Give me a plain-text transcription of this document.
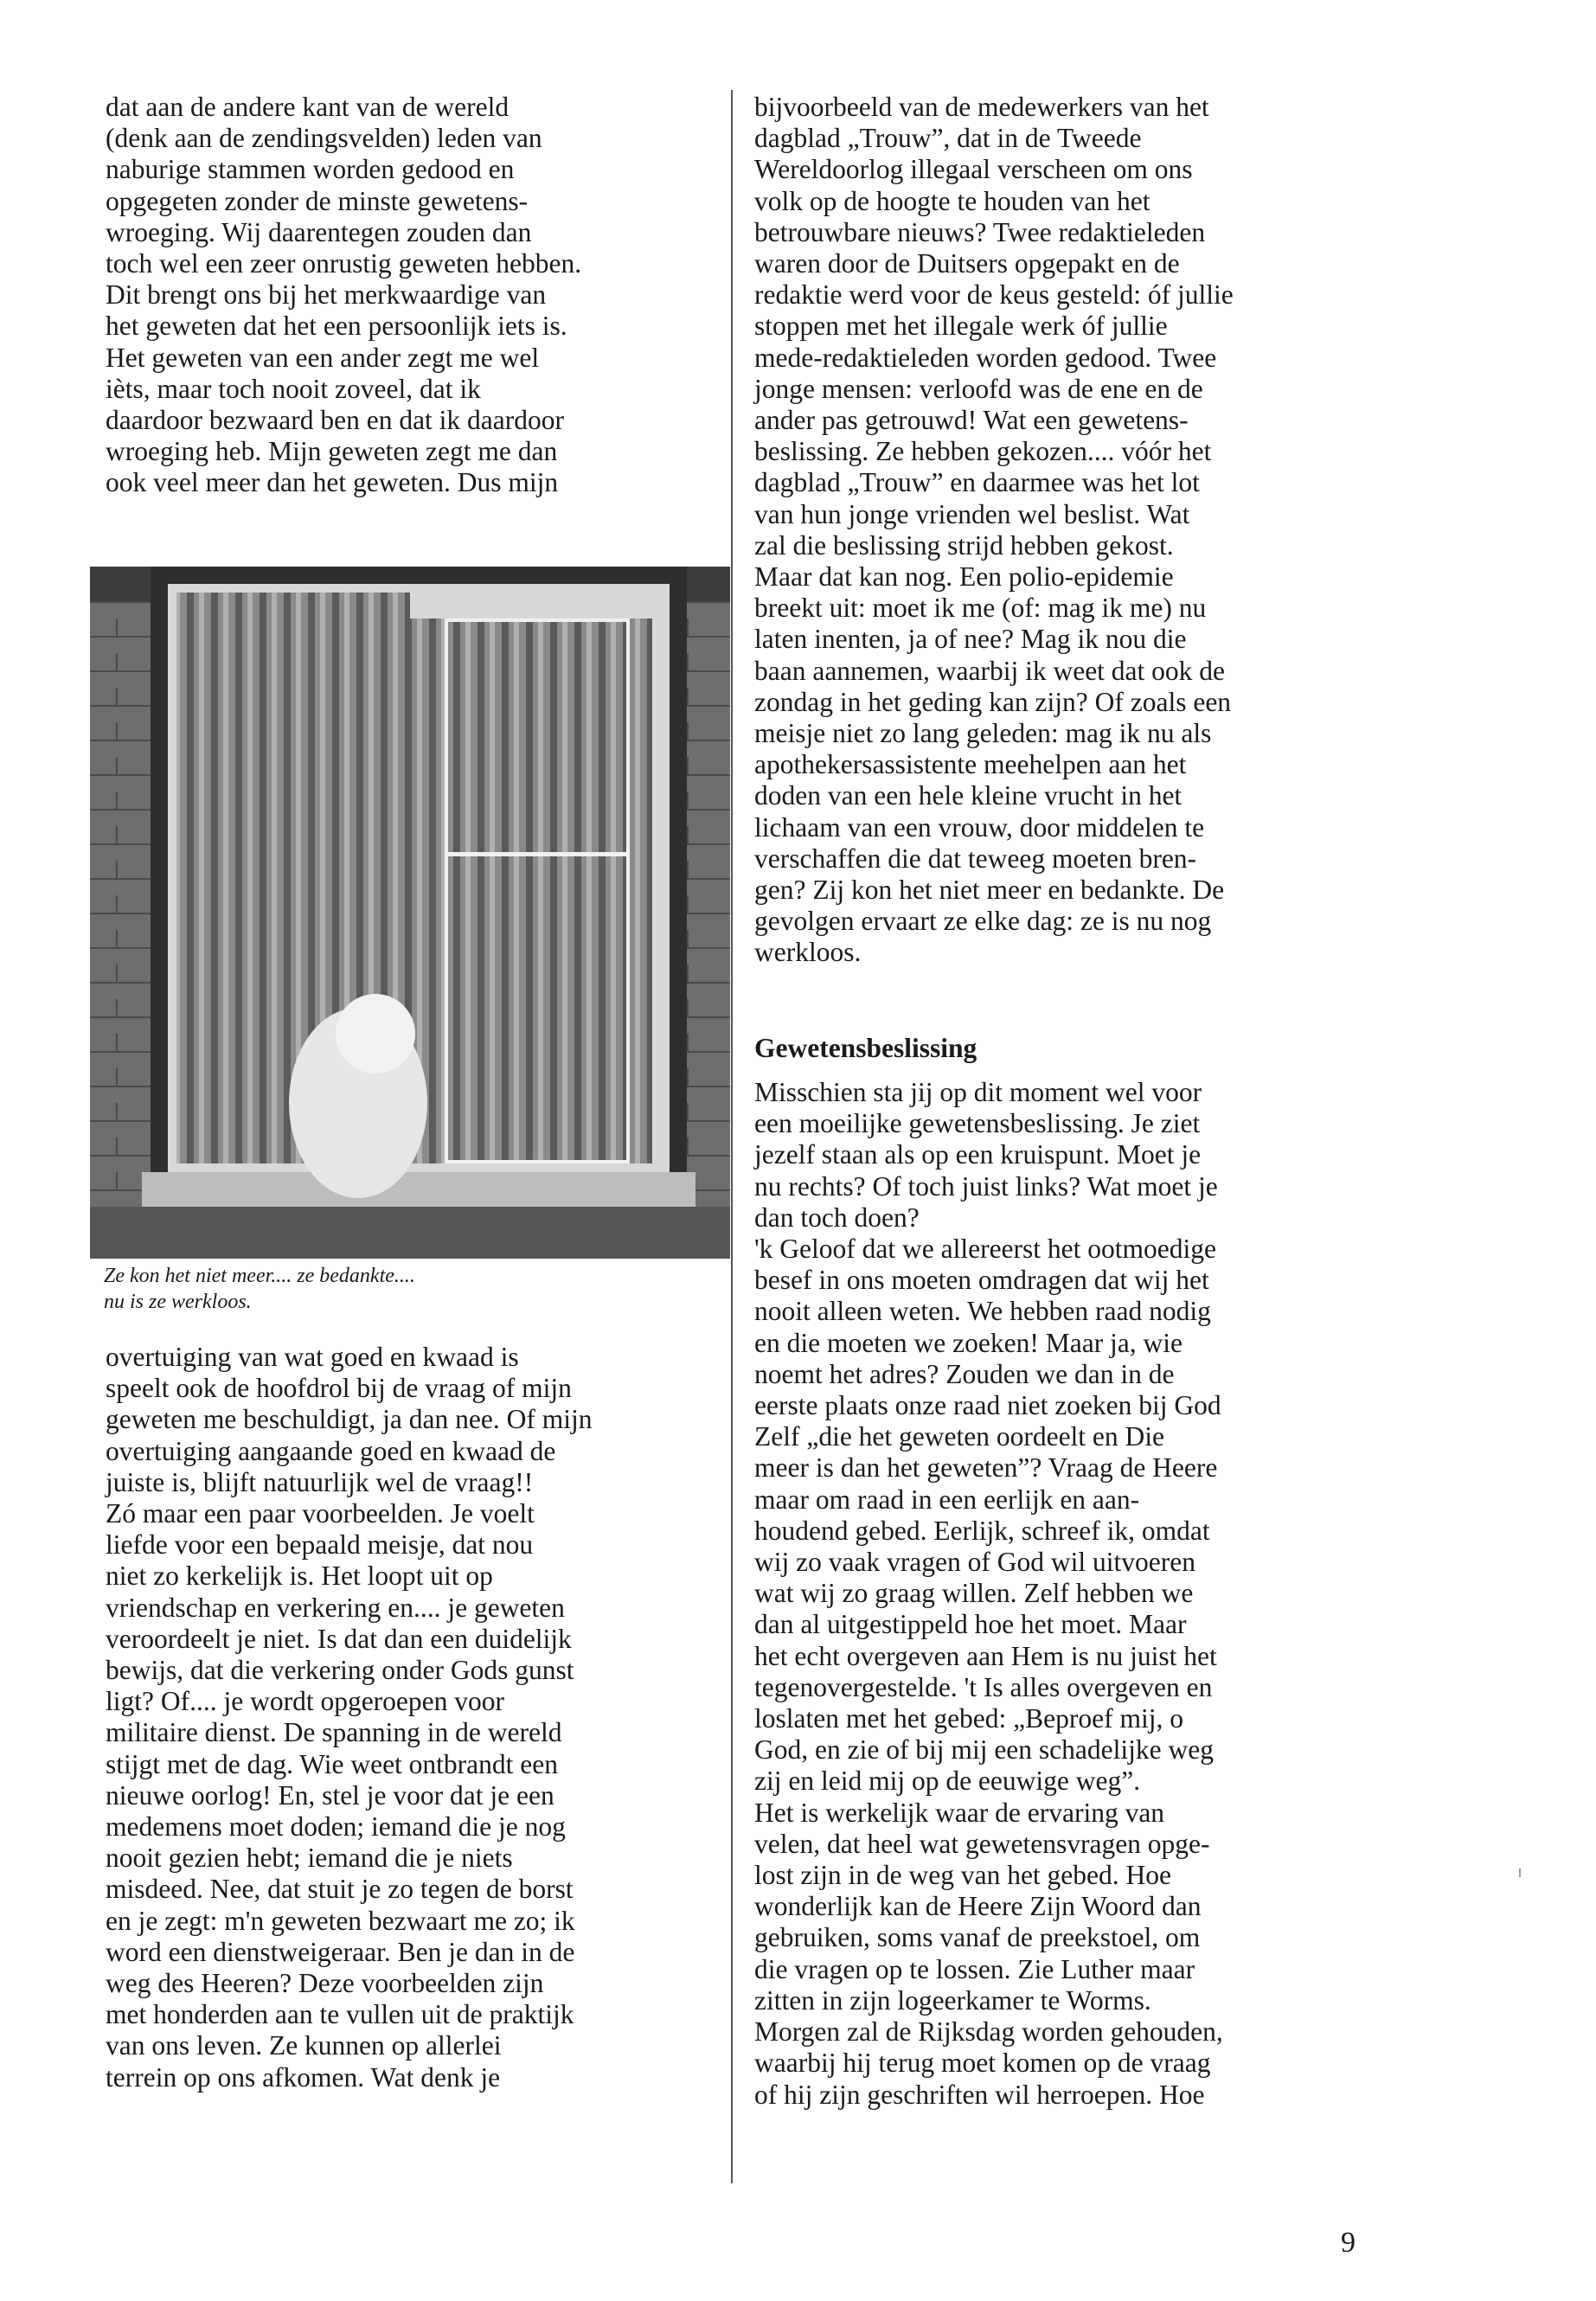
dat aan de andere kant van de wereld
(denk aan de zendingsvelden) leden van
naburige stammen worden gedood en
opgegeten zonder de minste gewetens-
wroeging. Wij daarentegen zouden dan
toch wel een zeer onrustig geweten hebben.
Dit brengt ons bij het merkwaardige van
het geweten dat het een persoonlijk iets is.
Het geweten van een ander zegt me wel
ièts, maar toch nooit zoveel, dat ik
daardoor bezwaard ben en dat ik daardoor
wroeging heb. Mijn geweten zegt me dan
ook veel meer dan het geweten. Dus mijn
Ze kon het niet meer.... ze bedankte....
nu is ze werkloos.
overtuiging van wat goed en kwaad is
speelt ook de hoofdrol bij de vraag of mijn
geweten me beschuldigt, ja dan nee. Of mijn
overtuiging aangaande goed en kwaad de
juiste is, blijft natuurlijk wel de vraag!!
Zó maar een paar voorbeelden. Je voelt
liefde voor een bepaald meisje, dat nou
niet zo kerkelijk is. Het loopt uit op
vriendschap en verkering en.... je geweten
veroordeelt je niet. Is dat dan een duidelijk
bewijs, dat die verkering onder Gods gunst
ligt? Of.... je wordt opgeroepen voor
militaire dienst. De spanning in de wereld
stijgt met de dag. Wie weet ontbrandt een
nieuwe oorlog! En, stel je voor dat je een
medemens moet doden; iemand die je nog
nooit gezien hebt; iemand die je niets
misdeed. Nee, dat stuit je zo tegen de borst
en je zegt: m'n geweten bezwaart me zo; ik
word een dienstweigeraar. Ben je dan in de
weg des Heeren? Deze voorbeelden zijn
met honderden aan te vullen uit de praktijk
van ons leven. Ze kunnen op allerlei
terrein op ons afkomen. Wat denk je
bijvoorbeeld van de medewerkers van het
dagblad „Trouw”, dat in de Tweede
Wereldoorlog illegaal verscheen om ons
volk op de hoogte te houden van het
betrouwbare nieuws? Twee redaktieleden
waren door de Duitsers opgepakt en de
redaktie werd voor de keus gesteld: óf jullie
stoppen met het illegale werk óf jullie
mede-redaktieleden worden gedood. Twee
jonge mensen: verloofd was de ene en de
ander pas getrouwd! Wat een gewetens-
beslissing. Ze hebben gekozen.... vóór het
dagblad „Trouw” en daarmee was het lot
van hun jonge vrienden wel beslist. Wat
zal die beslissing strijd hebben gekost.
Maar dat kan nog. Een polio-epidemie
breekt uit: moet ik me (of: mag ik me) nu
laten inenten, ja of nee? Mag ik nou die
baan aannemen, waarbij ik weet dat ook de
zondag in het geding kan zijn? Of zoals een
meisje niet zo lang geleden: mag ik nu als
apothekersassistente meehelpen aan het
doden van een hele kleine vrucht in het
lichaam van een vrouw, door middelen te
verschaffen die dat teweeg moeten bren-
gen? Zij kon het niet meer en bedankte. De
gevolgen ervaart ze elke dag: ze is nu nog
werkloos.
Gewetensbeslissing
Misschien sta jij op dit moment wel voor
een moeilijke gewetensbeslissing. Je ziet
jezelf staan als op een kruispunt. Moet je
nu rechts? Of toch juist links? Wat moet je
dan toch doen?
'k Geloof dat we allereerst het ootmoedige
besef in ons moeten omdragen dat wij het
nooit alleen weten. We hebben raad nodig
en die moeten we zoeken! Maar ja, wie
noemt het adres? Zouden we dan in de
eerste plaats onze raad niet zoeken bij God
Zelf „die het geweten oordeelt en Die
meer is dan het geweten”? Vraag de Heere
maar om raad in een eerlijk en aan-
houdend gebed. Eerlijk, schreef ik, omdat
wij zo vaak vragen of God wil uitvoeren
wat wij zo graag willen. Zelf hebben we
dan al uitgestippeld hoe het moet. Maar
het echt overgeven aan Hem is nu juist het
tegenovergestelde. 't Is alles overgeven en
loslaten met het gebed: „Beproef mij, o
God, en zie of bij mij een schadelijke weg
zij en leid mij op de eeuwige weg”.
Het is werkelijk waar de ervaring van
velen, dat heel wat gewetensvragen opge-
lost zijn in de weg van het gebed. Hoe
wonderlijk kan de Heere Zijn Woord dan
gebruiken, soms vanaf de preekstoel, om
die vragen op te lossen. Zie Luther maar
zitten in zijn logeerkamer te Worms.
Morgen zal de Rijksdag worden gehouden,
waarbij hij terug moet komen op de vraag
of hij zijn geschriften wil herroepen. Hoe
9
